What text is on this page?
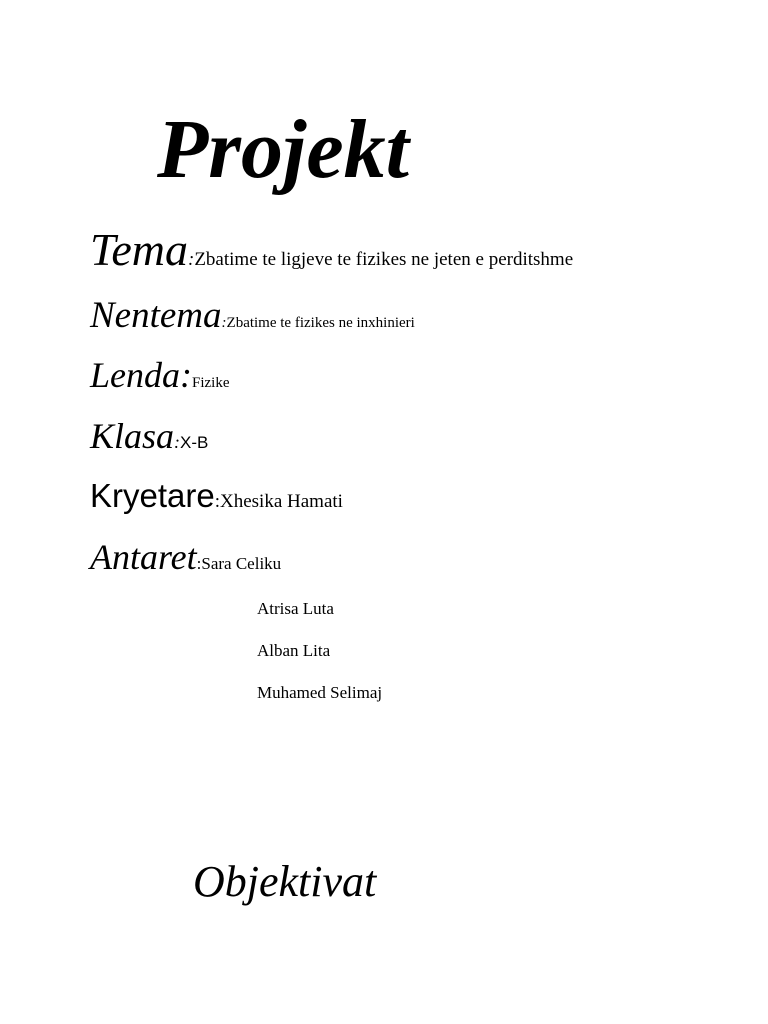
Projekt
Tema:Zbatime te ligjeve te fizikes ne jeten e perditshme
Nentema:Zbatime te fizikes ne inxhinieri
Lenda:Fizike
Klasa:X-B
Kryetare:Xhesika Hamati
Antaret:Sara Celiku
Atrisa Luta
Alban Lita
Muhamed Selimaj
Objektivat
